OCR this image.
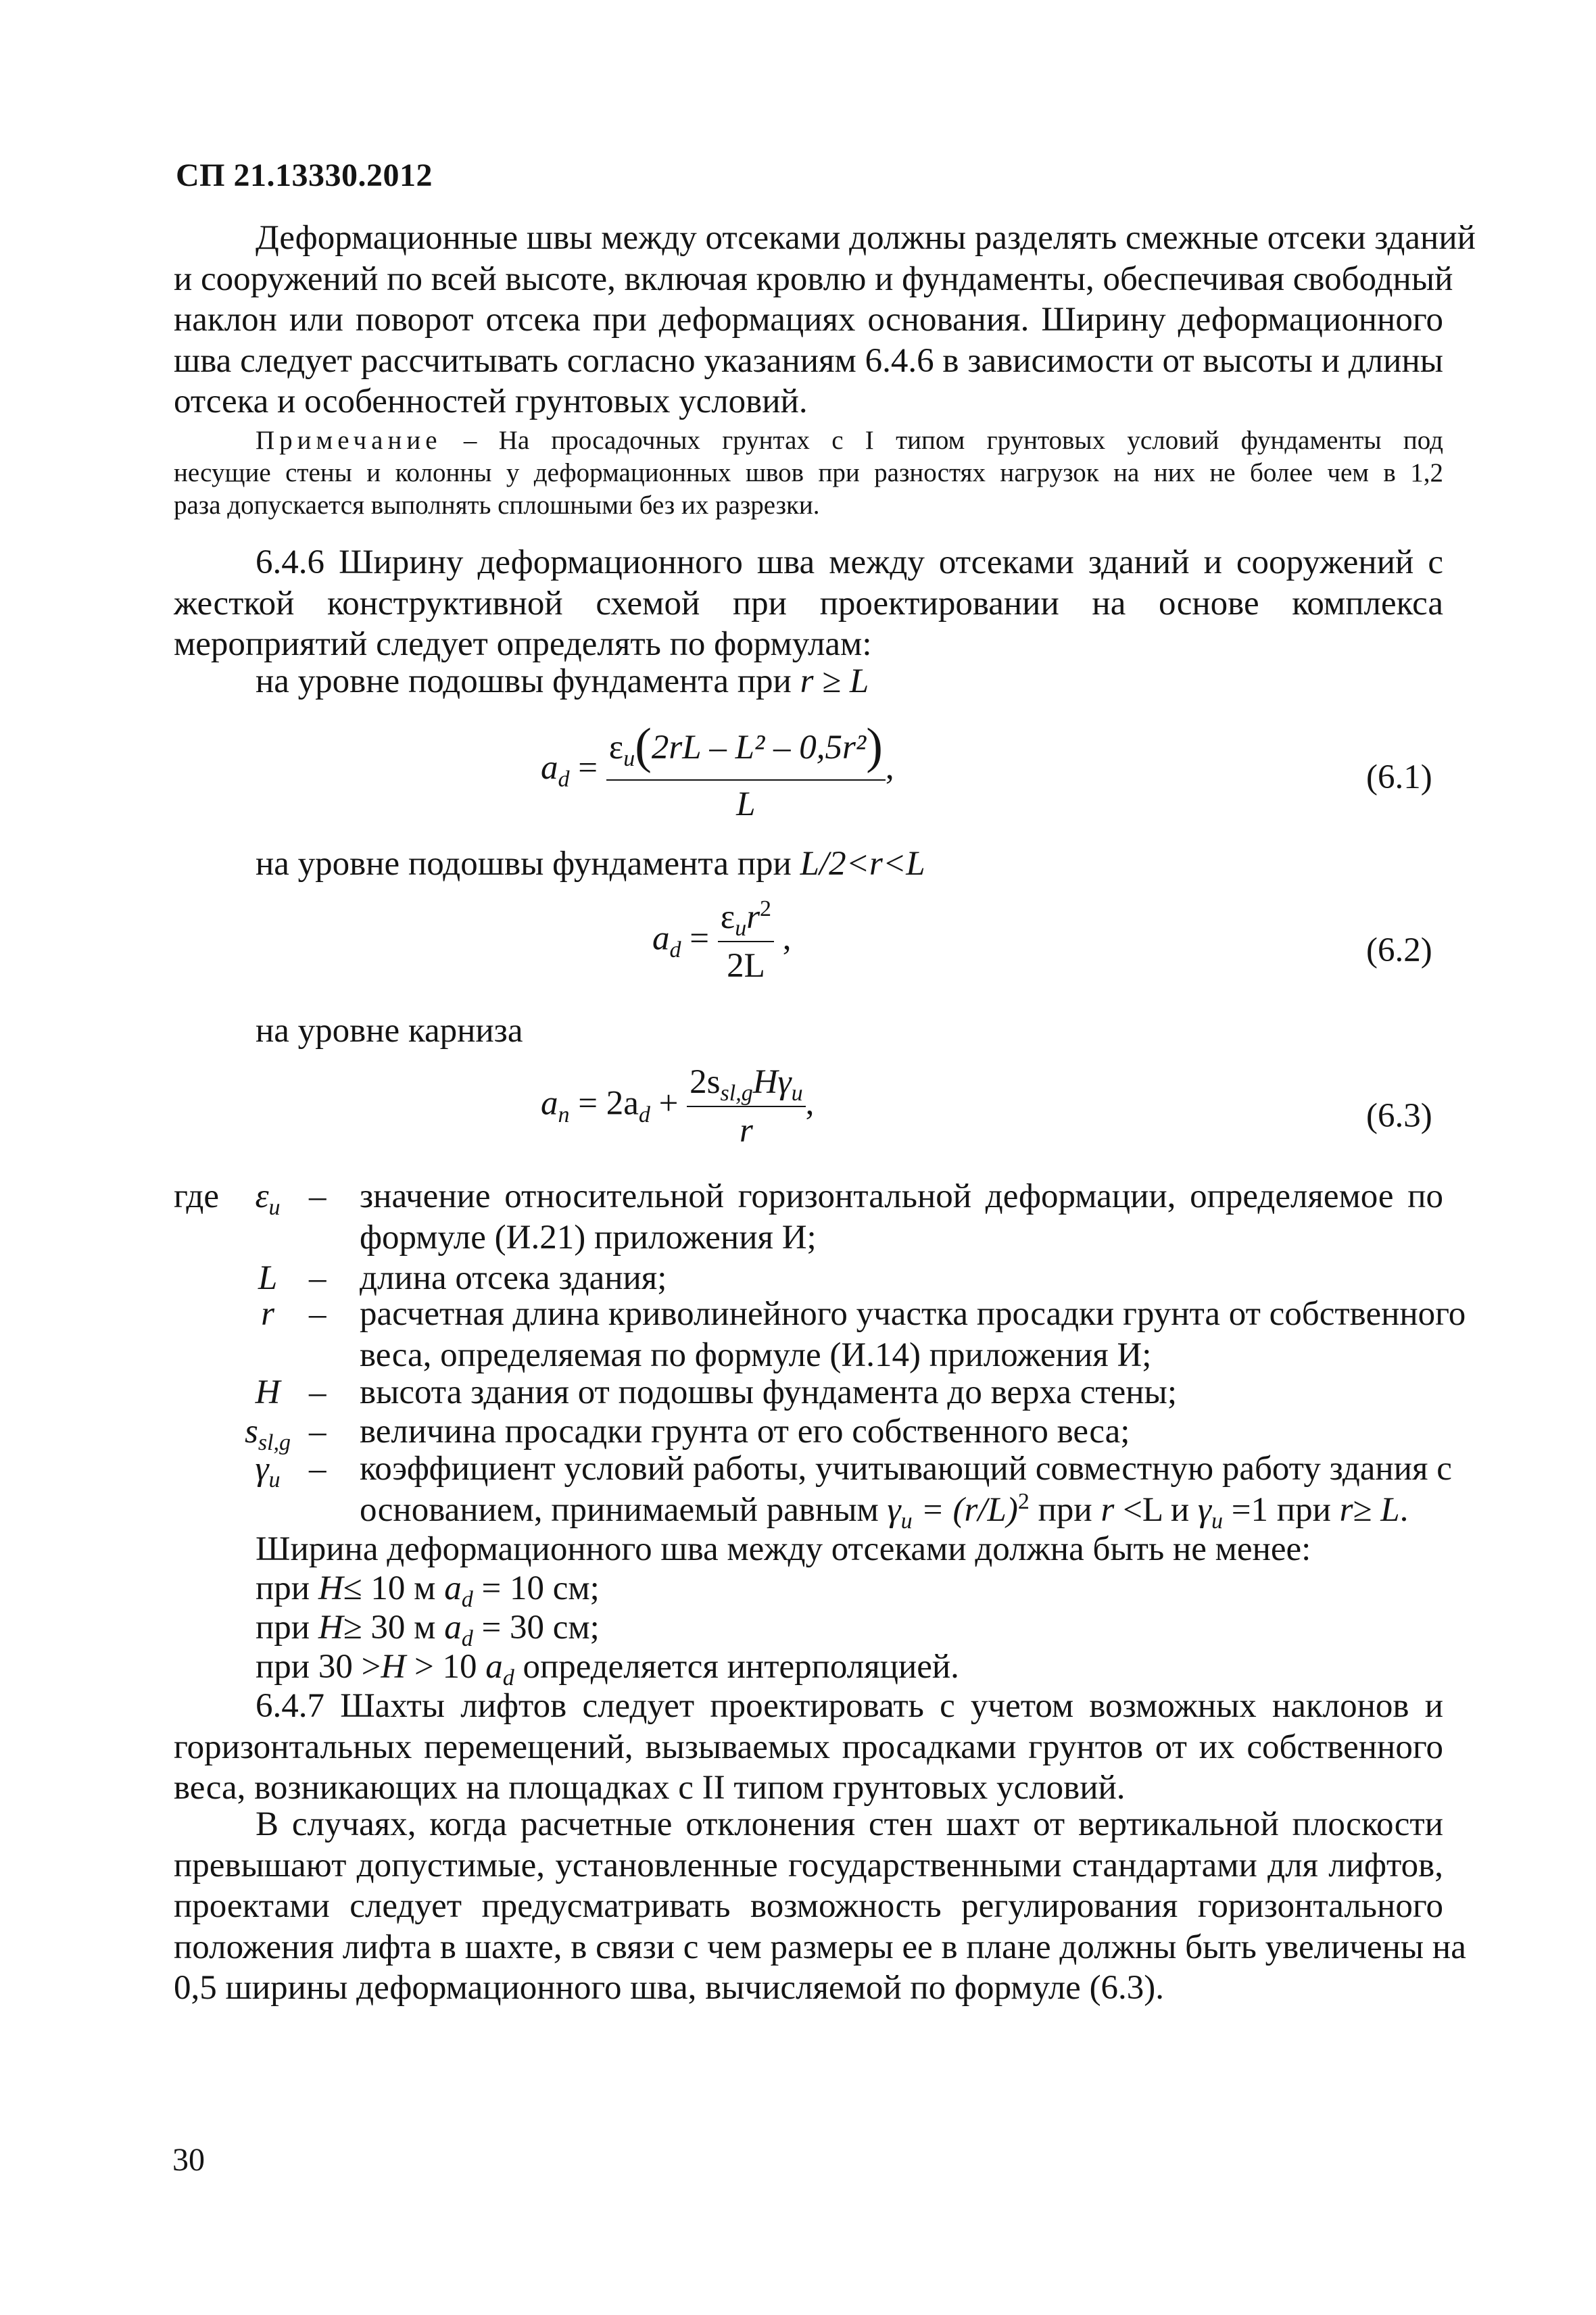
СП 21.13330.2012
Деформационные швы между отсеками должны разделять смежные отсеки зданий
и сооружений по всей высоте, включая кровлю и фундаменты, обеспечивая свободный
наклон или поворот отсека при деформациях основания. Ширину деформационного
шва следует рассчитывать согласно указаниям 6.4.6 в зависимости от высоты и длины
отсека и особенностей грунтовых условий.
Примечание – На просадочных грунтах с I типом грунтовых условий фундаменты под
несущие стены и колонны у деформационных швов при разностях нагрузок на них не более чем в 1,2
раза допускается выполнять сплошными без их разрезки.
6.4.6 Ширину деформационного шва между отсеками зданий и сооружений с
жесткой конструктивной схемой при проектировании на основе комплекса
мероприятий следует определять по формулам:
на уровне подошвы фундамента при r ≥ L
$a_d = \frac{\varepsilon_u(2rL - L^2 - 0,5r^2)}{L}$ ,	(6.1)
на уровне подошвы фундамента при L/2<r<L
$a_d = \frac{\varepsilon_ur^2}{2L}$ ,	(6.2)
на уровне карниза
$a_n = 2a_d + \frac{2s_{sl,g}H\gamma_u}{r}$ ,	(6.3)
где	$\varepsilon_u$ – значение относительной горизонтальной деформации, определяемое по
формуле (И.21) приложения И;
L – длина отсека здания;
r	– расчетная длина криволинейного участка просадки грунта от собственного
веса, определяемая по формуле (И.14) приложения И;
H – высота здания от подошвы фундамента до верха стены;
$s_{sl,g}$ – величина просадки грунта от его собственного веса;
$\gamma_u$ – коэффициент условий работы, учитывающий совместную работу здания с
основанием, принимаемый равным $\gamma_u = (r/L)^2$ при r <L и $\gamma_u =1$ при r≥ L.
Ширина деформационного шва между отсеками должна быть не менее:
при H≤ 10 м $a_d = 10$ см;
при H≥ 30 м $a_d = 30$ см;
при 30 >H > 10 $a_d$ определяется интерполяцией.
6.4.7 Шахты лифтов следует проектировать с учетом возможных наклонов и
горизонтальных перемещений, вызываемых просадками грунтов от их собственного
веса, возникающих на площадках с II типом грунтовых условий.
В случаях, когда расчетные отклонения стен шахт от вертикальной плоскости
превышают допустимые, установленные государственными стандартами для лифтов,
проектами следует предусматривать возможность регулирования горизонтального
положения лифта в шахте, в связи с чем размеры ее в плане должны быть увеличены на
0,5 ширины деформационного шва, вычисляемой по формуле (6.3).
30
